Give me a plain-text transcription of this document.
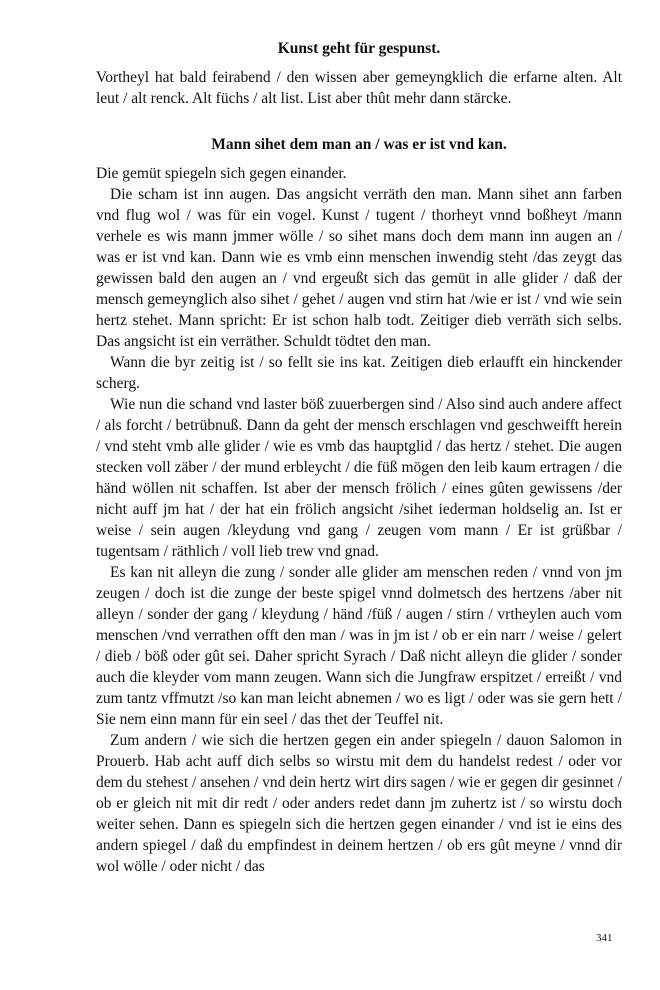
Kunst geht für gespunst.

Vortheyl hat bald feirabend / den wissen aber gemeyngklich die erfarne alten. Alt leut / alt renck. Alt füchs / alt list. List aber thût mehr dann stärcke.

Mann sihet dem man an / was er ist vnd kan.

Die gemüt spiegeln sich gegen einander.

Die scham ist inn augen. Das angsicht verräth den man. Mann sihet ann farben vnd flug wol / was für ein vogel. Kunst / tugent / thorheyt vnnd boßheyt /mann verhele es wis mann jmmer wölle / so sihet mans doch dem mann inn augen an / was er ist vnd kan. Dann wie es vmb einn menschen inwendig steht /das zeygt das gewissen bald den augen an / vnd ergeußt sich das gemüt in alle glider / daß der mensch gemeynglich also sihet / gehet / augen vnd stirn hat /wie er ist / vnd wie sein hertz stehet. Mann spricht: Er ist schon halb todt. Zeitiger dieb verräth sich selbs. Das angsicht ist ein verräther. Schuldt tödtet den man.

Wann die byr zeitig ist / so fellt sie ins kat. Zeitigen dieb erlaufft ein hinckender scherg.

Wie nun die schand vnd laster böß zuuerbergen sind / Also sind auch andere affect / als forcht / betrübnuß. Dann da geht der mensch erschlagen vnd geschweifft herein / vnd steht vmb alle glider / wie es vmb das hauptglid / das hertz / stehet. Die augen stecken voll zäber / der mund erbleycht / die füß mögen den leib kaum ertragen / die händ wöllen nit schaffen. Ist aber der mensch frölich / eines gûten gewissens /der nicht auff jm hat / der hat ein frölich angsicht /sihet iederman holdselig an. Ist er weise / sein augen /kleydung vnd gang / zeugen vom mann / Er ist grüßbar / tugentsam / räthlich / voll lieb trew vnd gnad.

Es kan nit alleyn die zung / sonder alle glider am menschen reden / vnnd von jm zeugen / doch ist die zunge der beste spigel vnnd dolmetsch des hertzens /aber nit alleyn / sonder der gang / kleydung / händ /füß / augen / stirn / vrtheylen auch vom menschen /vnd verrathen offt den man / was in jm ist / ob er ein narr / weise / gelert / dieb / böß oder gût sei. Daher spricht Syrach / Daß nicht alleyn die glider / sonder auch die kleyder vom mann zeugen. Wann sich die Jungfraw erspitzet / erreißt / vnd zum tantz vffmutzt /so kan man leicht abnemen / wo es ligt / oder was sie gern hett / Sie nem einn mann für ein seel / das thet der Teuffel nit.

Zum andern / wie sich die hertzen gegen ein ander spiegeln / dauon Salomon in Prouerb. Hab acht auff dich selbs so wirstu mit dem du handelst redest / oder vor dem du stehest / ansehen / vnd dein hertz wirt dirs sagen / wie er gegen dir gesinnet / ob er gleich nit mit dir redt / oder anders redet dann jm zuhertz ist / so wirstu doch weiter sehen. Dann es spiegeln sich die hertzen gegen einander / vnd ist ie eins des andern spiegel / daß du empfindest in deinem hertzen / ob ers gût meyne / vnnd dir wol wölle / oder nicht / das

341
